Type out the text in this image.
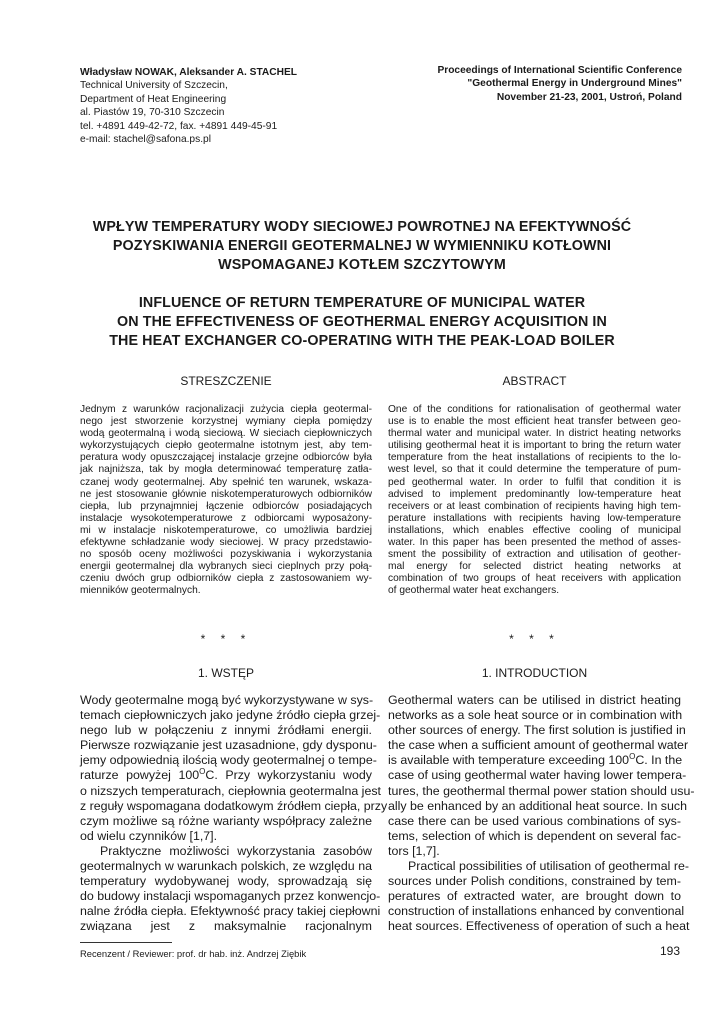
Władysław NOWAK, Aleksander A. STACHEL
Technical University of Szczecin,
Department of Heat Engineering
al. Piastów 19, 70-310 Szczecin
tel. +4891 449-42-72, fax. +4891 449-45-91
e-mail: stachel@safona.ps.pl
Proceedings of International Scientific Conference
"Geothermal Energy in Underground Mines"
November 21-23, 2001, Ustroń, Poland
WPŁYW TEMPERATURY WODY SIECIOWEJ POWROTNEJ NA EFEKTYWNOŚĆ
POZYSKIWANIA ENERGII GEOTERMALNEJ W WYMIENNIKU KOTŁOWNI
WSPOMAGANEJ KOTŁEM SZCZYTOWYM
INFLUENCE OF RETURN TEMPERATURE OF MUNICIPAL WATER
ON THE EFFECTIVENESS OF GEOTHERMAL ENERGY ACQUISITION IN
THE HEAT EXCHANGER CO-OPERATING WITH THE PEAK-LOAD BOILER
STRESZCZENIE	ABSTRACT
Jednym z warunków racjonalizacji zużycia ciepła geotermal-
nego jest stworzenie korzystnej wymiany ciepła pomiędzy
wodą geotermalną i wodą sieciową. W sieciach ciepłowniczych
wykorzystujących ciepło geotermalne istotnym jest, aby tem-
peratura wody opuszczającej instalacje grzejne odbiorców była
jak najniższa, tak by mogła determinować temperaturę zatła-
czanej wody geotermalnej. Aby spełnić ten warunek, wskaza-
ne jest stosowanie głównie niskotemperaturowych odbiorników
ciepła, lub przynajmniej łączenie odbiorców posiadających
instalacje wysokotemperaturowe z odbiorcami wyposażony-
mi w instalacje niskotemperaturowe, co umożliwia bardziej
efektywne schładzanie wody sieciowej. W pracy przedstawio-
no sposób oceny możliwości pozyskiwania i wykorzystania
energii geotermalnej dla wybranych sieci cieplnych przy połą-
czeniu dwóch grup odbiorników ciepła z zastosowaniem wy-
mienników geotermalnych.
One of the conditions for rationalisation of geothermal water
use is to enable the most efficient heat transfer between geo-
thermal water and municipal water. In district heating networks
utilising geothermal heat it is important to bring the return water
temperature from the heat installations of recipients to the lo-
west level, so that it could determine the temperature of pum-
ped geothermal water. In order to fulfil that condition it is
advised to implement predominantly low-temperature heat
receivers or at least combination of recipients having high tem-
perature installations with recipients having low-temperature
installations, which enables effective cooling of municipal
water. In this paper has been presented the method of asses-
sment the possibility of extraction and utilisation of geother-
mal energy for selected district heating networks at
combination of two groups of heat receivers with application
of geothermal water heat exchangers.
* * *	* * *
1. WSTĘP	1. INTRODUCTION
Wody geotermalne mogą być wykorzystywane w sys-
temach ciepłowniczych jako jedyne źródło ciepła grzej-
nego lub w połączeniu z innymi źródłami energii.
Pierwsze rozwiązanie jest uzasadnione, gdy dysponu-
jemy odpowiednią ilością wody geotermalnej o tempe-
raturze powyżej $100^OC$. Przy wykorzystaniu wody
o nizszych temperaturach, ciepłownia geotermalna jest
z reguły wspomagana dodatkowym źródłem ciepła, przy
czym możliwe są różne warianty współpracy zależne
od wielu czynników [1,7].
Praktyczne możliwości wykorzystania zasobów
geotermalnych w warunkach polskich, ze względu na
temperatury wydobywanej wody, sprowadzają się
do budowy instalacji wspomaganych przez konwencjo-
nalne źródła ciepła. Efektywność pracy takiej ciepłowni
związana jest z maksymalnie racjonalnym
Geothermal waters can be utilised in district heating
networks as a sole heat source or in combination with
other sources of energy. The first solution is justified in
the case when a sufficient amount of geothermal water
is available with temperature exceeding $100^OC$. In the
case of using geothermal water having lower tempera-
tures, the geothermal thermal power station should usu-
ally be enhanced by an additional heat source. In such
case there can be used various combinations of sys-
tems, selection of which is dependent on several fac-
tors [1,7].
Practical possibilities of utilisation of geothermal re-
sources under Polish conditions, constrained by tem-
peratures of extracted water, are brought down to
construction of installations enhanced by conventional
heat sources. Effectiveness of operation of such a heat
Recenzent / Reviewer: prof. dr hab. inż. Andrzej Ziębik	193
